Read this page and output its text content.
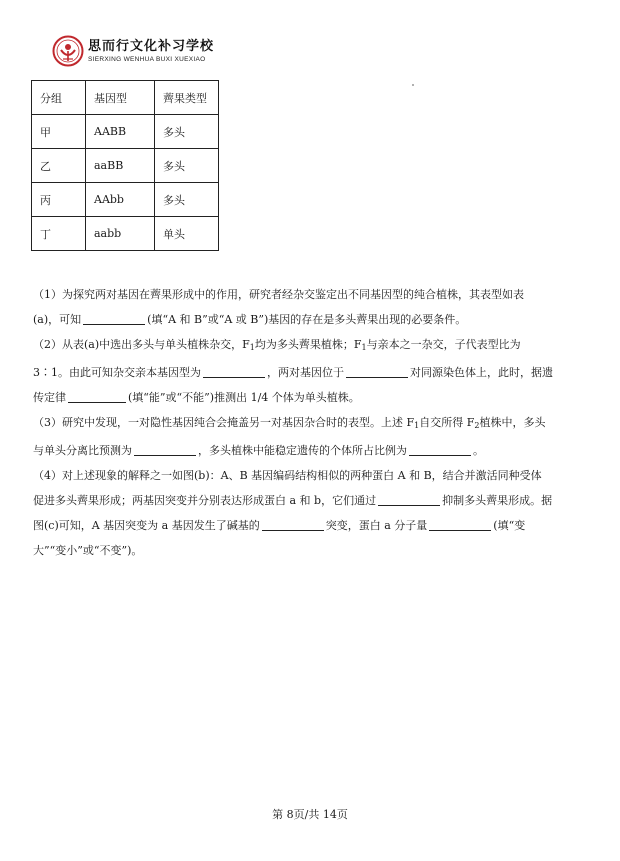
思而行文化补习学校
SIERXING WENHUA BUXI XUEXIAO
分组	基因型	薺果类型
甲	AABB	多头
乙	aaBB	多头
丙	AAbb	多头
丁	aabb	单头

（1）为探究两对基因在薺果形成中的作用，研究者经杂交鉴定出不同基因型的纯合植株，其表型如表
(a)，可知	(填“A 和 B”或“A 或 B”)基因的存在是多头薺果出现的必要条件。

（2）从表(a)中选出多头与单头植株杂交，$F_1$均为多头薺果植株；$F_1$与亲本之一杂交，子代表型比为
3∶1。由此可知杂交亲本基因型为	，两对基因位于	对同源染色体上，此时，据遗
传定律	(填“能”或“不能”)推测出 1/4 个体为单头植株。

（3）研究中发现，一对隐性基因纯合会掩盖另一对基因杂合时的表型。上述 $F_1$自交所得 $F_2$植株中，多头
与单头分离比预测为	，多头植株中能稳定遗传的个体所占比例为	。

（4）对上述现象的解释之一如图(b)：A、B 基因编码结构相似的两种蛋白 A 和 B，结合并激活同种受体
促进多头薺果形成；两基因突变并分别表达形成蛋白 a 和 b，它们通过	抑制多头薺果形成。据
图(c)可知，A 基因突变为 a 基因发生了碱基的	突变，蛋白 a 分子量	(填“变
大”“变小”或“不变”)。

第 8页/共 14页
